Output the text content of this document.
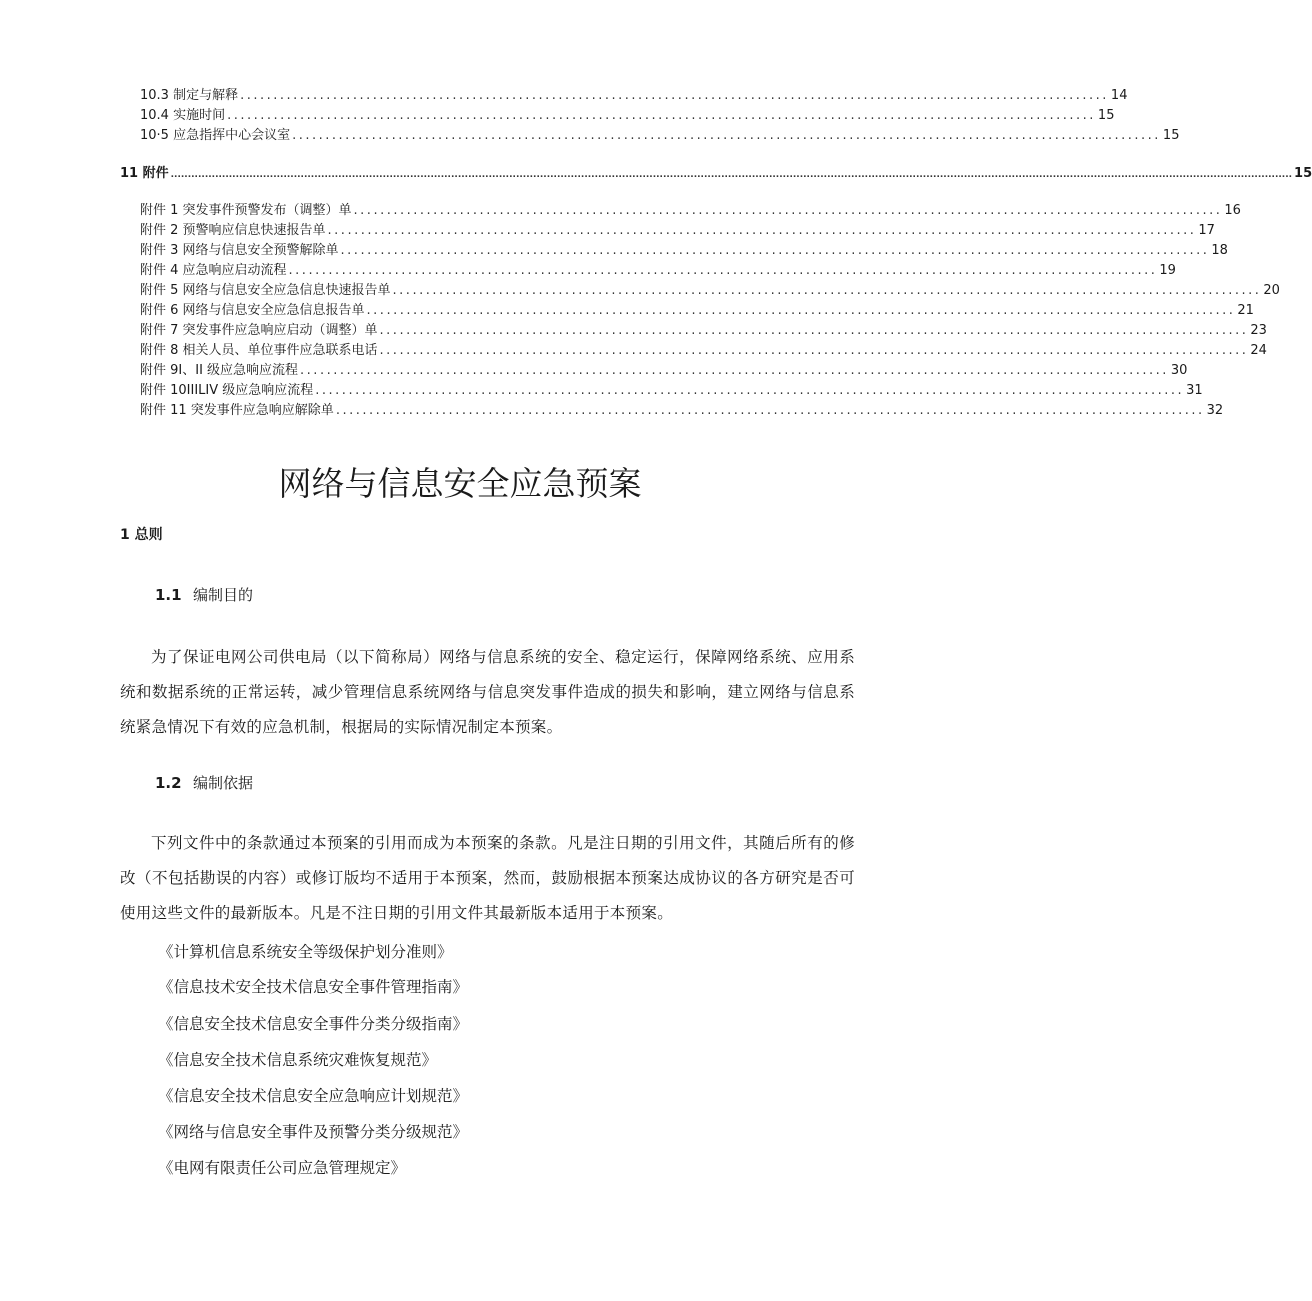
10.3 制定与解释 ................................................................................................................................... 14
10.4 实施时间 ................................................................................................................................... 15
10·5 应急指挥中心会议室 ................................................................................................................................... 15
11 附件 ........................................................................................................................................................................................................................................................................................................................................ 15
附件 1 突发事件预警发布（调整）单 ................................................................................................................................... 16
附件 2 预警响应信息快速报告单 ................................................................................................................................... 17
附件 3 网络与信息安全预警解除单 ................................................................................................................................... 18
附件 4 应急响应启动流程 ................................................................................................................................... 19
附件 5 网络与信息安全应急信息快速报告单 ................................................................................................................................... 20
附件 6 网络与信息安全应急信息报告单 ................................................................................................................................... 21
附件 7 突发事件应急响应启动（调整）单 ................................................................................................................................... 23
附件 8 相关人员、单位事件应急联系电话 ................................................................................................................................... 24
附件 9I、II 级应急响应流程 ................................................................................................................................... 30
附件 10IIILIV 级应急响应流程 ................................................................................................................................... 31
附件 11 突发事件应急响应解除单 ................................................................................................................................... 32
网络与信息安全应急预案
1 总则
1.1 编制目的
为了保证电网公司供电局（以下简称局）网络与信息系统的安全、稳定运行，保障网络系统、应用系统和数据系统的正常运转，减少管理信息系统网络与信息突发事件造成的损失和影响，建立网络与信息系统紧急情况下有效的应急机制，根据局的实际情况制定本预案。
1.2 编制依据
下列文件中的条款通过本预案的引用而成为本预案的条款。凡是注日期的引用文件，其随后所有的修改（不包括勘误的内容）或修订版均不适用于本预案，然而，鼓励根据本预案达成协议的各方研究是否可使用这些文件的最新版本。凡是不注日期的引用文件其最新版本适用于本预案。
《计算机信息系统安全等级保护划分准则》
《信息技术安全技术信息安全事件管理指南》
《信息安全技术信息安全事件分类分级指南》
《信息安全技术信息系统灾难恢复规范》
《信息安全技术信息安全应急响应计划规范》
《网络与信息安全事件及预警分类分级规范》
《电网有限责任公司应急管理规定》
